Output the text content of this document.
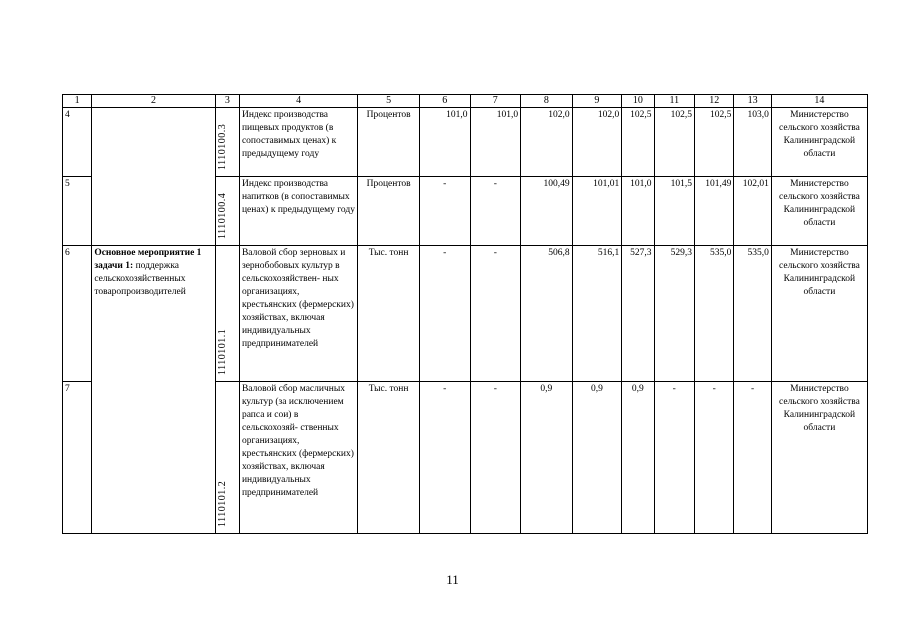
1	2	3	4	5	6	7	8	9	10	11	12	13	14
4		1110100.3	Индекс производства пищевых продуктов (в сопоставимых ценах) к предыдущему году	Процентов	101,0	101,0	102,0	102,0	102,5	102,5	102,5	103,0	Министерство сельского хозяйства Калининградской области
5		1110100.4	Индекс производства напитков (в сопоставимых ценах) к предыдущему году	Процентов	-	-	100,49	101,01	101,0	101,5	101,49	102,01	Министерство сельского хозяйства Калининградской области
6	Основное мероприятие 1 задачи 1: поддержка сельскохозяйственных товаропроизводителей	1110101.1	Валовой сбор зерновых и зернобобовых культур в сельскохозяйствен- ных организациях, крестьянских (фермерских) хозяйствах, включая индивидуальных предпринимателей	Тыс. тонн	-	-	506,8	516,1	527,3	529,3	535,0	535,0	Министерство сельского хозяйства Калининградской области
7		1110101.2	Валовой сбор масличных культур (за исключением рапса и сои) в сельскохозяй- ственных организациях, крестьянских (фермерских) хозяйствах, включая индивидуальных предпринимателей	Тыс. тонн	-	-	0,9	0,9	0,9	-	-	-	Министерство сельского хозяйства Калининградской области
11
